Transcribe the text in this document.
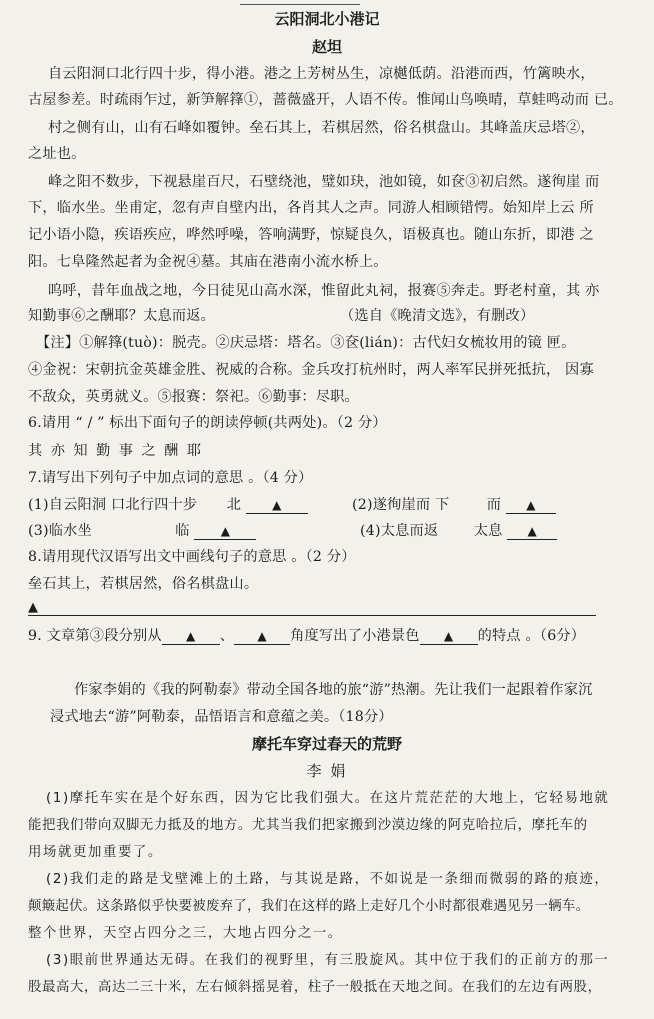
云阳洞北小港记
赵坦
自云阳洞口北行四十步，得小港。港之上芳树丛生，凉樾低荫。沿港而西，竹篱映水，
古屋参差。时疏雨乍过，新笋解箨①，蔷薇盛开，人语不传。惟闻山鸟唤晴，草蛙鸣动而 已。
村之侧有山，山有石峰如覆钟。垒石其上，若棋居然，俗名棋盘山。其峰盖庆忌塔②，
之址也。
峰之阳不数步，下视悬崖百尺，石壁绕池，璧如玦，池如镜，如奁③初启然。遂徇崖 而
下，临水坐。坐甫定，忽有声自壁内出，各肖其人之声。同游人相顾错愕。始知岸上云 所
记小语小隐，疾语疾应，哗然呼噪，答响满野，惊疑良久，语极真也。随山东折，即港 之
阳。七阜隆然起者为金祝④墓。其庙在港南小流水桥上。
呜呼，昔年血战之地，今日徒见山高水深，惟留此丸祠，报赛⑤奔走。野老村童，其 亦
知勤事⑥之酬耶？太息而返。	（选自《晚清文选》，有删改）
【注】①解箨(tuò)：脱壳。②庆忌塔：塔名。③奁(lián)：古代妇女梳妆用的镜 匣。
④金祝：宋朝抗金英雄金胜、祝威的合称。金兵攻打杭州时，两人率军民拼死抵抗， 因寡
不敌众，英勇就义。⑤报赛：祭祀。⑥勤事：尽职。
6.请用 “ / ” 标出下面句子的朗读停顿(共两处)。（2 分）
其 亦 知 勤 事 之 酬 耶
7.请写出下列句子中加点词的意思 。（4 分）
(1)自云阳洞 口北行四十步 北	▲	(2)遂徇崖而 下	而 ▲
(3)临水坐	临	▲	(4)太息而返 太息 ▲
8.请用现代汉语写出文中画线句子的意思 。（2 分）
垒石其上，若棋居然，俗名棋盘山。
▲
9. 文章第③段分别从 ▲ 、 ▲ 角度写出了小港景色 ▲ 的特点 。（6分）
作家李娟的《我的阿勒泰》带动全国各地的旅“游”热潮。先让我们一起跟着作家沉
浸式地去“游”阿勒泰，品悟语言和意蕴之美。（18分）
摩托车穿过春天的荒野
李 娟
(1)摩托车实在是个好东西，因为它比我们强大。在这片荒茫茫的大地上，它轻易地就
能把我们带向双脚无力抵及的地方。尤其当我们把家搬到沙漠边缘的阿克哈拉后，摩托车的
用场就更加重要了。
(2)我们走的路是戈壁滩上的土路，与其说是路，不如说是一条细而微弱的路的痕迹，
颠簸起伏。这条路似乎快要被废弃了，我们在这样的路上走好几个小时都很难遇见另一辆车。
整个世界，天空占四分之三，大地占四分之一。
(3)眼前世界通达无碍。在我们的视野里，有三股旋风。其中位于我们的正前方的那一
股最高大，高达二三十米，左右倾斜摇晃着，柱子一般抵在天地之间。在我们的左边有两股，
